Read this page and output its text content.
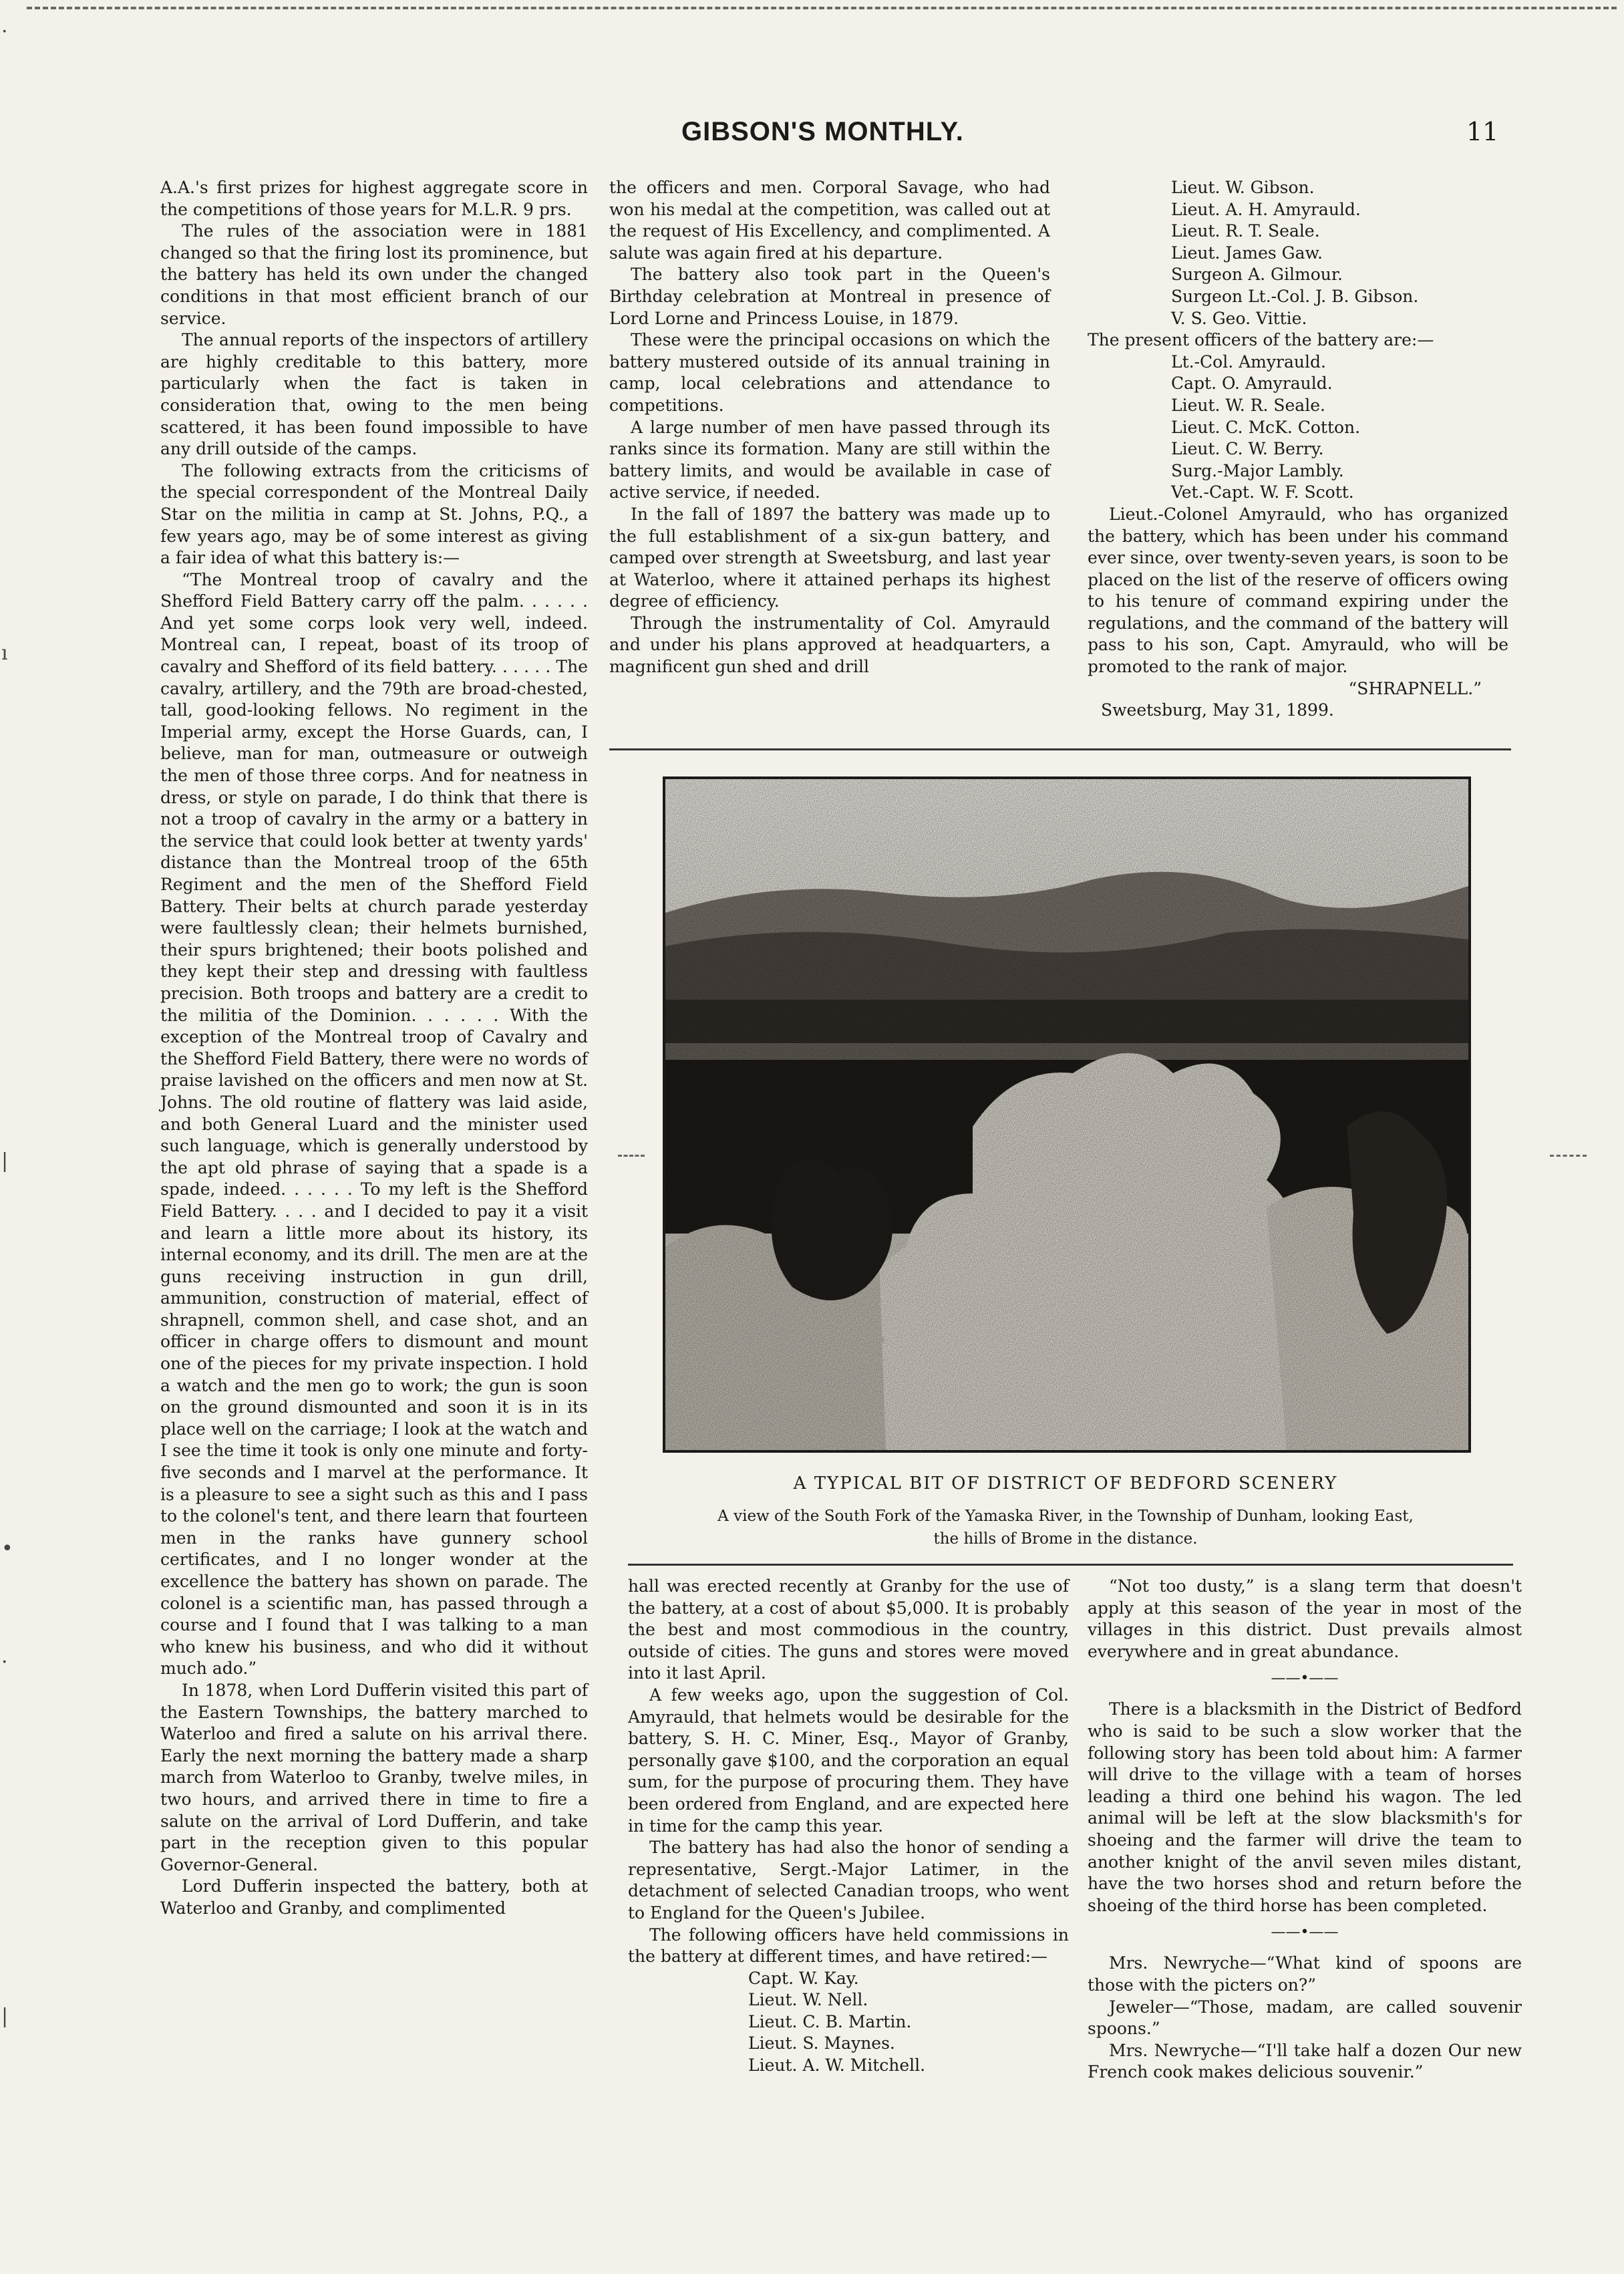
·
ı
|
•
·
|
GIBSON'S MONTHLY.	11

A.A.'s first prizes for highest aggregate score in the competitions of those years for M.L.R. 9 prs.

The rules of the association were in 1881 changed so that the firing lost its prominence, but the battery has held its own under the changed conditions in that most efficient branch of our service.

The annual reports of the inspectors of artillery are highly creditable to this battery, more particularly when the fact is taken in consideration that, owing to the men being scattered, it has been found impossible to have any drill outside of the camps.

The following extracts from the criticisms of the special correspondent of the Montreal Daily Star on the militia in camp at St. Johns, P.Q., a few years ago, may be of some interest as giving a fair idea of what this battery is:—

“The Montreal troop of cavalry and the Shefford Field Battery carry off the palm. . . . . . And yet some corps look very well, indeed. Montreal can, I repeat, boast of its troop of cavalry and Shefford of its field battery. . . . . . The cavalry, artillery, and the 79th are broad-chested, tall, good-looking fellows. No regiment in the Imperial army, except the Horse Guards, can, I believe, man for man, outmeasure or outweigh the men of those three corps. And for neatness in dress, or style on parade, I do think that there is not a troop of cavalry in the army or a battery in the service that could look better at twenty yards' distance than the Montreal troop of the 65th Regiment and the men of the Shefford Field Battery. Their belts at church parade yesterday were faultlessly clean; their helmets burnished, their spurs brightened; their boots polished and they kept their step and dressing with faultless precision. Both troops and battery are a credit to the militia of the Dominion. . . . . . With the exception of the Montreal troop of Cavalry and the Shefford Field Battery, there were no words of praise lavished on the officers and men now at St. Johns. The old routine of flattery was laid aside, and both General Luard and the minister used such language, which is generally understood by the apt old phrase of saying that a spade is a spade, indeed. . . . . . To my left is the Shefford Field Battery. . . . and I decided to pay it a visit and learn a little more about its history, its internal economy, and its drill. The men are at the guns receiving instruction in gun drill, ammunition, construction of material, effect of shrapnell, common shell, and case shot, and an officer in charge offers to dismount and mount one of the pieces for my private inspection. I hold a watch and the men go to work; the gun is soon on the ground dismounted and soon it is in its place well on the carriage; I look at the watch and I see the time it took is only one minute and forty-five seconds and I marvel at the performance. It is a pleasure to see a sight such as this and I pass to the colonel's tent, and there learn that fourteen men in the ranks have gunnery school certificates, and I no longer wonder at the excellence the battery has shown on parade. The colonel is a scientific man, has passed through a course and I found that I was talking to a man who knew his business, and who did it without much ado.”

In 1878, when Lord Dufferin visited this part of the Eastern Townships, the battery marched to Waterloo and fired a salute on his arrival there. Early the next morning the battery made a sharp march from Waterloo to Granby, twelve miles, in two hours, and arrived there in time to fire a salute on the arrival of Lord Dufferin, and take part in the reception given to this popular Governor-General.

Lord Dufferin inspected the battery, both at Waterloo and Granby, and complimented

the officers and men. Corporal Savage, who had won his medal at the competition, was called out at the request of His Excellency, and complimented. A salute was again fired at his departure.

The battery also took part in the Queen's Birthday celebration at Montreal in presence of Lord Lorne and Princess Louise, in 1879.

These were the principal occasions on which the battery mustered outside of its annual training in camp, local celebrations and attendance to competitions.

A large number of men have passed through its ranks since its formation. Many are still within the battery limits, and would be available in case of active service, if needed.

In the fall of 1897 the battery was made up to the full establishment of a six-gun battery, and camped over strength at Sweetsburg, and last year at Waterloo, where it attained perhaps its highest degree of efficiency.

Through the instrumentality of Col. Amyrauld and under his plans approved at headquarters, a magnificent gun shed and drill

Lieut. W. Gibson.
Lieut. A. H. Amyrauld.
Lieut. R. T. Seale.
Lieut. James Gaw.
Surgeon A. Gilmour.
Surgeon Lt.-Col. J. B. Gibson.
V. S. Geo. Vittie.

The present officers of the battery are:—

Lt.-Col. Amyrauld.
Capt. O. Amyrauld.
Lieut. W. R. Seale.
Lieut. C. McK. Cotton.
Lieut. C. W. Berry.
Surg.-Major Lambly.
Vet.-Capt. W. F. Scott.

Lieut.-Colonel Amyrauld, who has organized the battery, which has been under his command ever since, over twenty-seven years, is soon to be placed on the list of the reserve of officers owing to his tenure of command expiring under the regulations, and the command of the battery will pass to his son, Capt. Amyrauld, who will be promoted to the rank of major.

“SHRAPNELL.”

Sweetsburg, May 31, 1899.

A TYPICAL BIT OF DISTRICT OF BEDFORD SCENERY
A view of the South Fork of the Yamaska River, in the Township of Dunham, looking East,
the hills of Brome in the distance.

hall was erected recently at Granby for the use of the battery, at a cost of about $5,000. It is probably the best and most commodious in the country, outside of cities. The guns and stores were moved into it last April.

A few weeks ago, upon the suggestion of Col. Amyrauld, that helmets would be desirable for the battery, S. H. C. Miner, Esq., Mayor of Granby, personally gave $100, and the corporation an equal sum, for the purpose of procuring them. They have been ordered from England, and are expected here in time for the camp this year.

The battery has had also the honor of sending a representative, Sergt.-Major Latimer, in the detachment of selected Canadian troops, who went to England for the Queen's Jubilee.

The following officers have held commissions in the battery at different times, and have retired:—

Capt. W. Kay.
Lieut. W. Nell.
Lieut. C. B. Martin.
Lieut. S. Maynes.
Lieut. A. W. Mitchell.

“Not too dusty,” is a slang term that doesn't apply at this season of the year in most of the villages in this district. Dust prevails almost everywhere and in great abundance.

——•——

There is a blacksmith in the District of Bedford who is said to be such a slow worker that the following story has been told about him: A farmer will drive to the village with a team of horses leading a third one behind his wagon. The led animal will be left at the slow blacksmith's for shoeing and the farmer will drive the team to another knight of the anvil seven miles distant, have the two horses shod and return before the shoeing of the third horse has been completed.

——•——

Mrs. Newryche—“What kind of spoons are those with the picters on?”

Jeweler—“Those, madam, are called souvenir spoons.”

Mrs. Newryche—“I'll take half a dozen Our new French cook makes delicious souvenir.”
